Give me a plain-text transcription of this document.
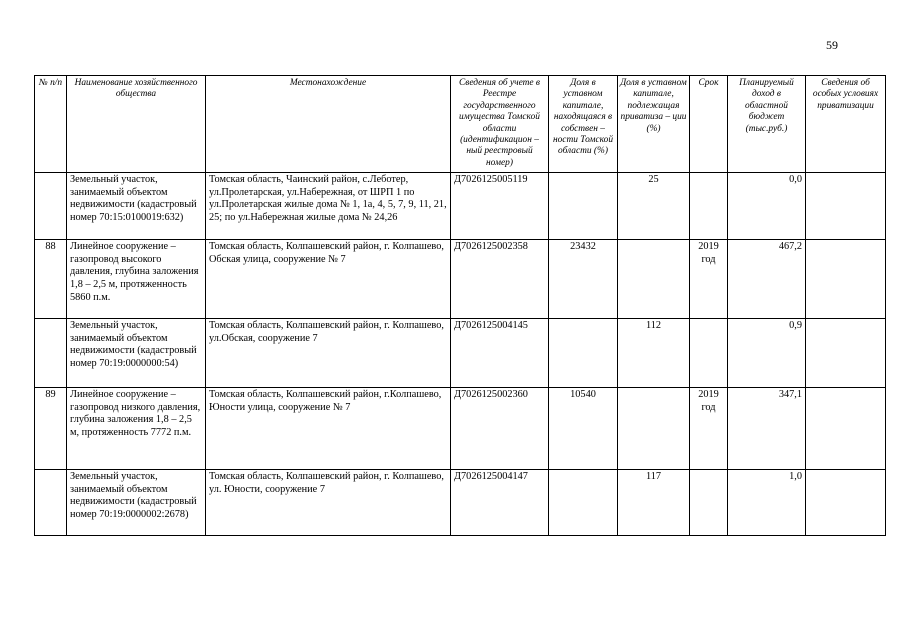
59
№ п/п	Наименование хозяйственного общества	Местонахождение	Сведения об учете в Реестре государственного имущества Томской области (идентификацион – ный реестровый номер)	Доля в уставном капитале, находящаяся в собствен – ности Томской области (%)	Доля в уставном капитале, подлежащая приватиза – ции (%)	Срок	Планируемый доход в областной бюджет (тыс.руб.)	Сведения об особых условиях приватизации
	Земельный участок, занимаемый объектом недвижимости (кадастровый номер 70:15:0100019:632)	Томская область, Чаинский район, с.Леботер, ул.Пролетарская, ул.Набережная, от ШРП 1 по ул.Пролетарская жилые дома № 1, 1а, 4, 5, 7, 9, 11, 21, 25; по ул.Набережная жилые дома № 24,26	Д7026125005119		25		0,0	
88	Линейное сооружение – газопровод высокого давления, глубина заложения 1,8 – 2,5 м, протяженность 5860 п.м.	Томская область, Колпашевский район, г. Колпашево, Обская улица, сооружение № 7	Д7026125002358	23432		2019 год	467,2	
	Земельный участок, занимаемый объектом недвижимости (кадастровый номер 70:19:0000000:54)	Томская область, Колпашевский район, г. Колпашево, ул.Обская, сооружение 7	Д7026125004145		112		0,9	
89	Линейное сооружение – газопровод низкого давления, глубина заложения 1,8 – 2,5 м, протяженность 7772 п.м.	Томская область, Колпашевский район, г.Колпашево, Юности улица, сооружение № 7	Д7026125002360	10540		2019 год	347,1	
	Земельный участок, занимаемый объектом недвижимости (кадастровый номер 70:19:0000002:2678)	Томская область, Колпашевский район, г. Колпашево, ул. Юности, сооружение 7	Д7026125004147		117		1,0	
